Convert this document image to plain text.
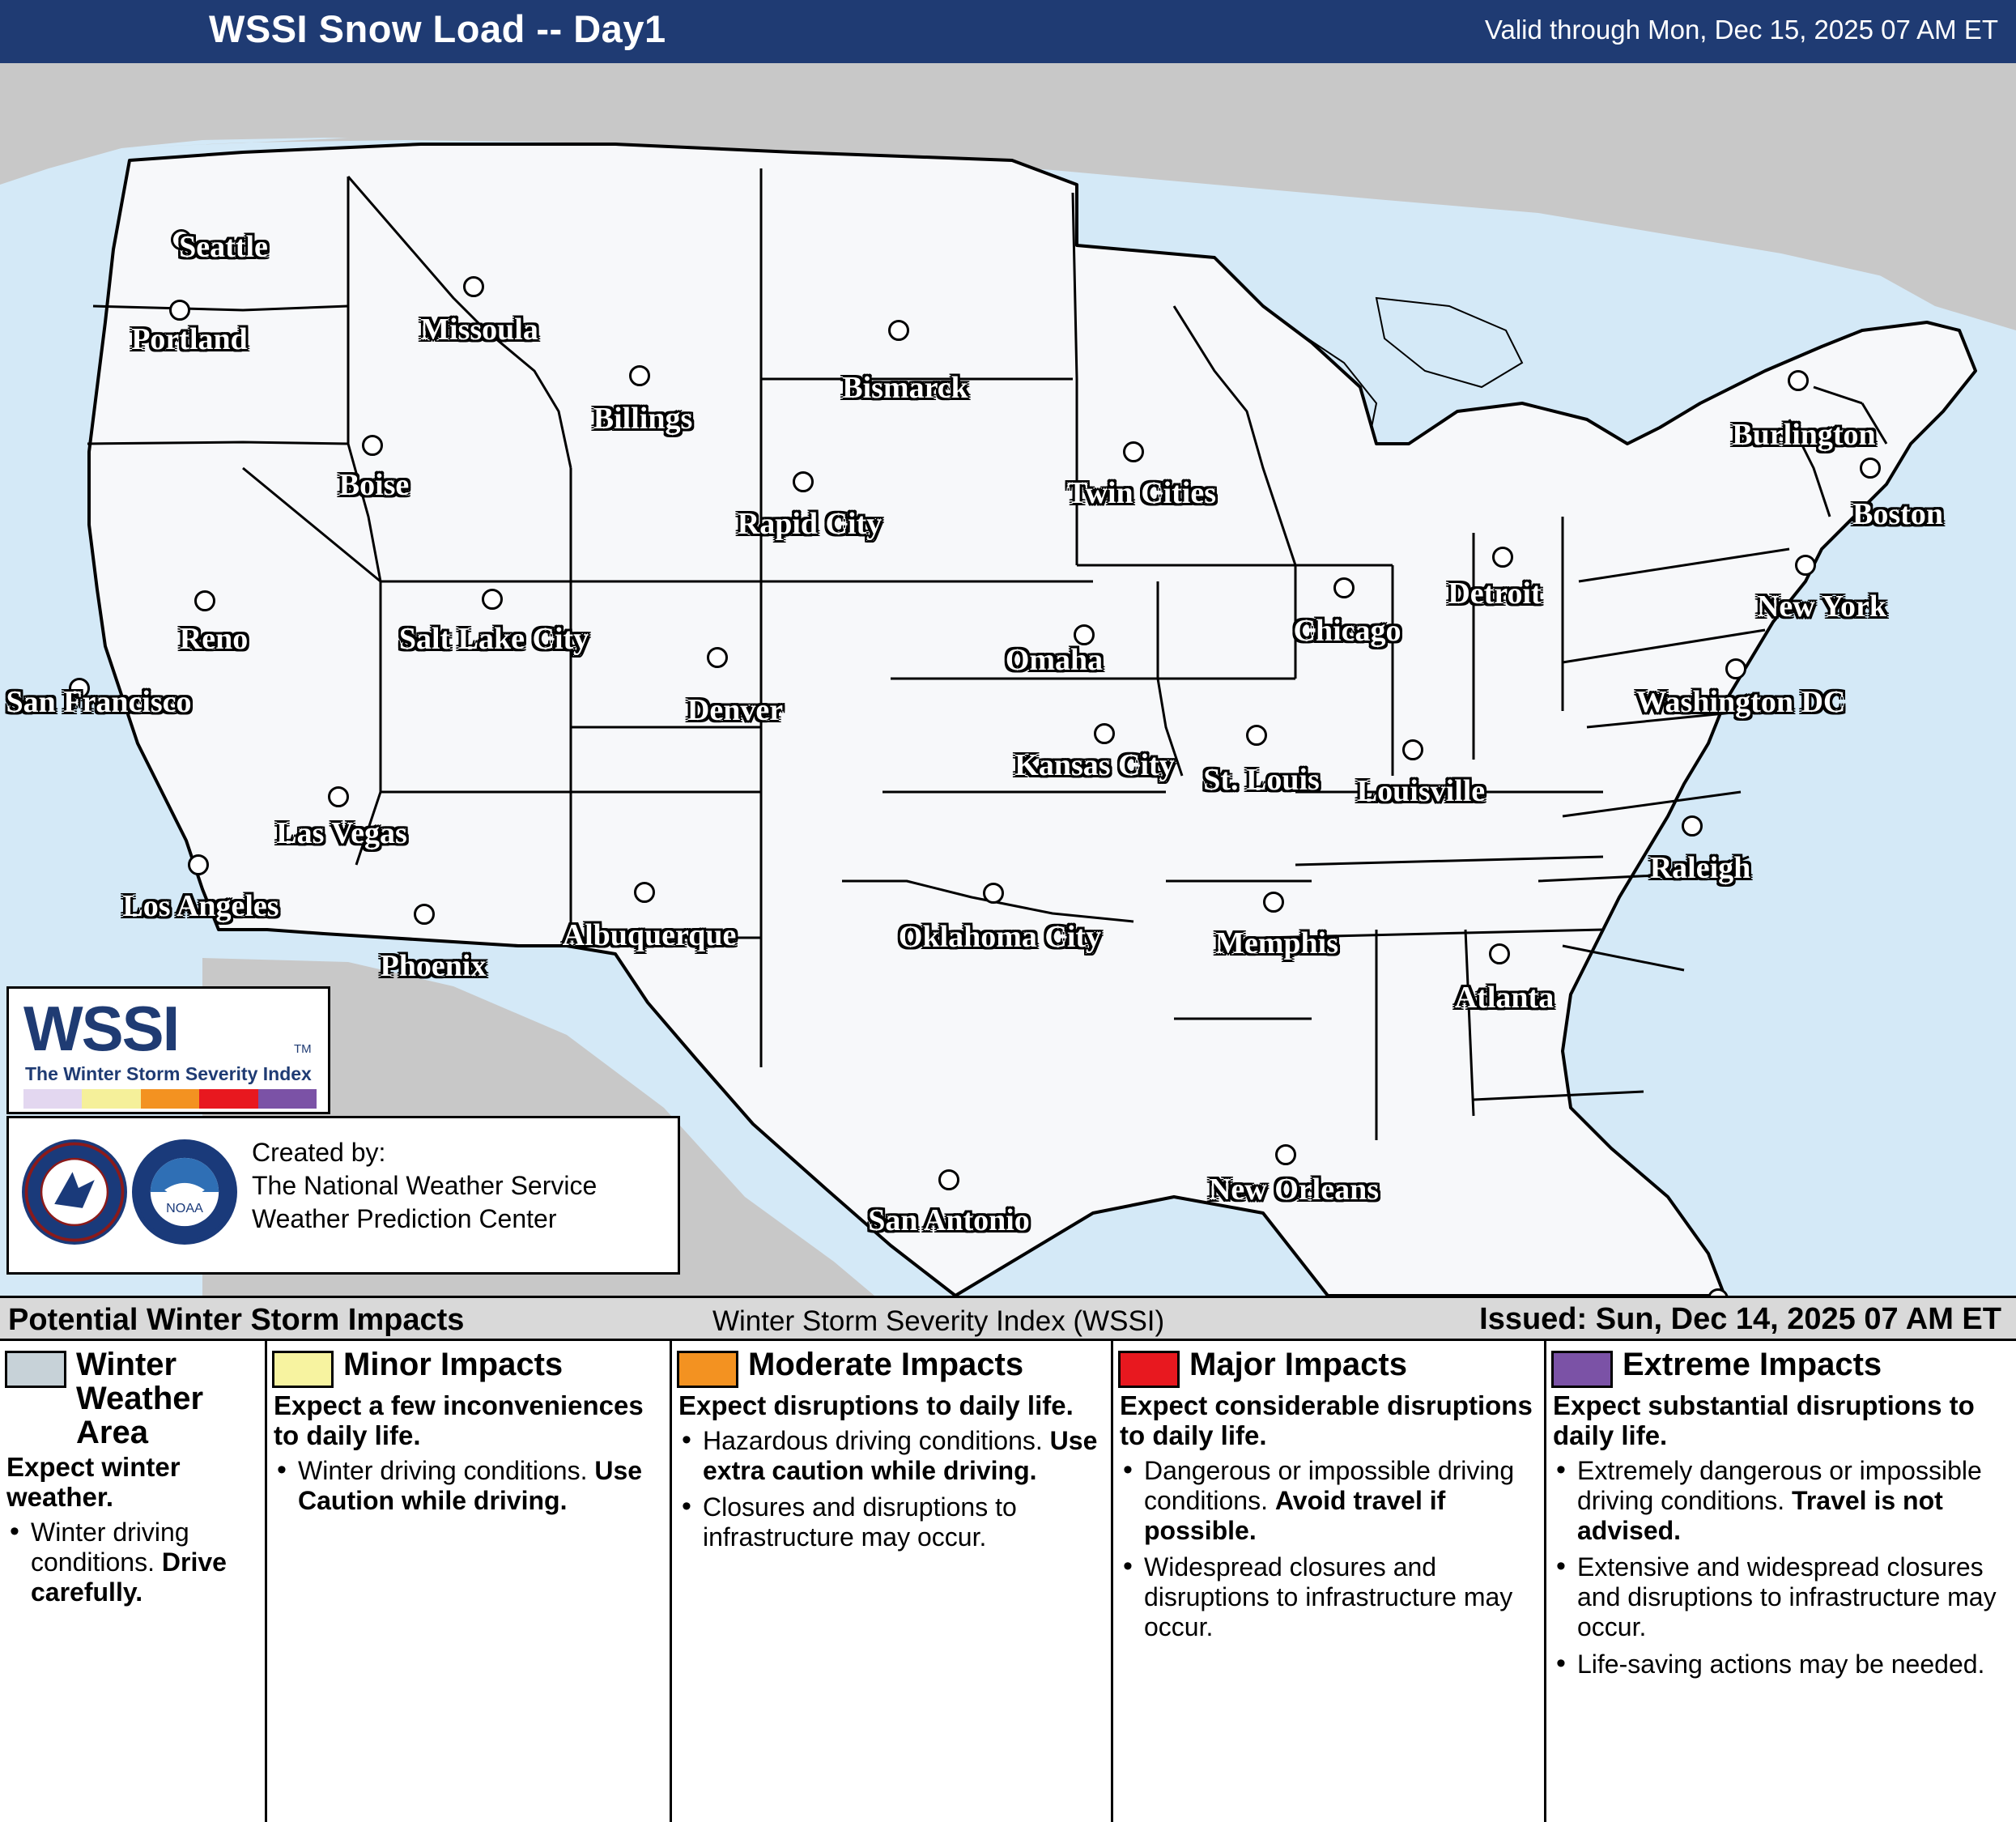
WSSI Snow Load -- Day1	Valid through Mon, Dec 15, 2025 07 AM ET
Seattle
Portland	Missoula
Boise
Billings
Bismarck
Rapid City
Twin Cities
Reno	Salt Lake City
Denver
Omaha
Chicago
Detroit
Burlington
Boston
New York
Washington DC
San Francisco
Las Vegas
Los Angeles
Phoenix
Albuquerque	Oklahoma City
Kansas City St. Louis Louisville
Raleigh
Memphis
Atlanta
New Orleans
San Antonio
WSSI	TM
The Winter Storm Severity Index
NOAA
Created by:
The National Weather Service
Weather Prediction Center
Potential Winter Storm Impacts	Winter Storm Severity Index (WSSI)	Issued: Sun, Dec 14, 2025 07 AM ET
Winter Weather Area
Expect winter weather.
• Winter driving conditions. Drive carefully.
Minor Impacts
Expect a few inconveniences to daily life.
• Winter driving conditions. Use Caution while driving.
Moderate Impacts
Expect disruptions to daily life.
• Hazardous driving conditions. Use extra caution while driving.
• Closures and disruptions to infrastructure may occur.
Major Impacts
Expect considerable disruptions to daily life.
• Dangerous or impossible driving conditions. Avoid travel if possible.
• Widespread closures and disruptions to infrastructure may occur.
Extreme Impacts
Expect substantial disruptions to daily life.
• Extremely dangerous or impossible driving conditions. Travel is not advised.
• Extensive and widespread closures and disruptions to infrastructure may occur.
• Life-saving actions may be needed.
